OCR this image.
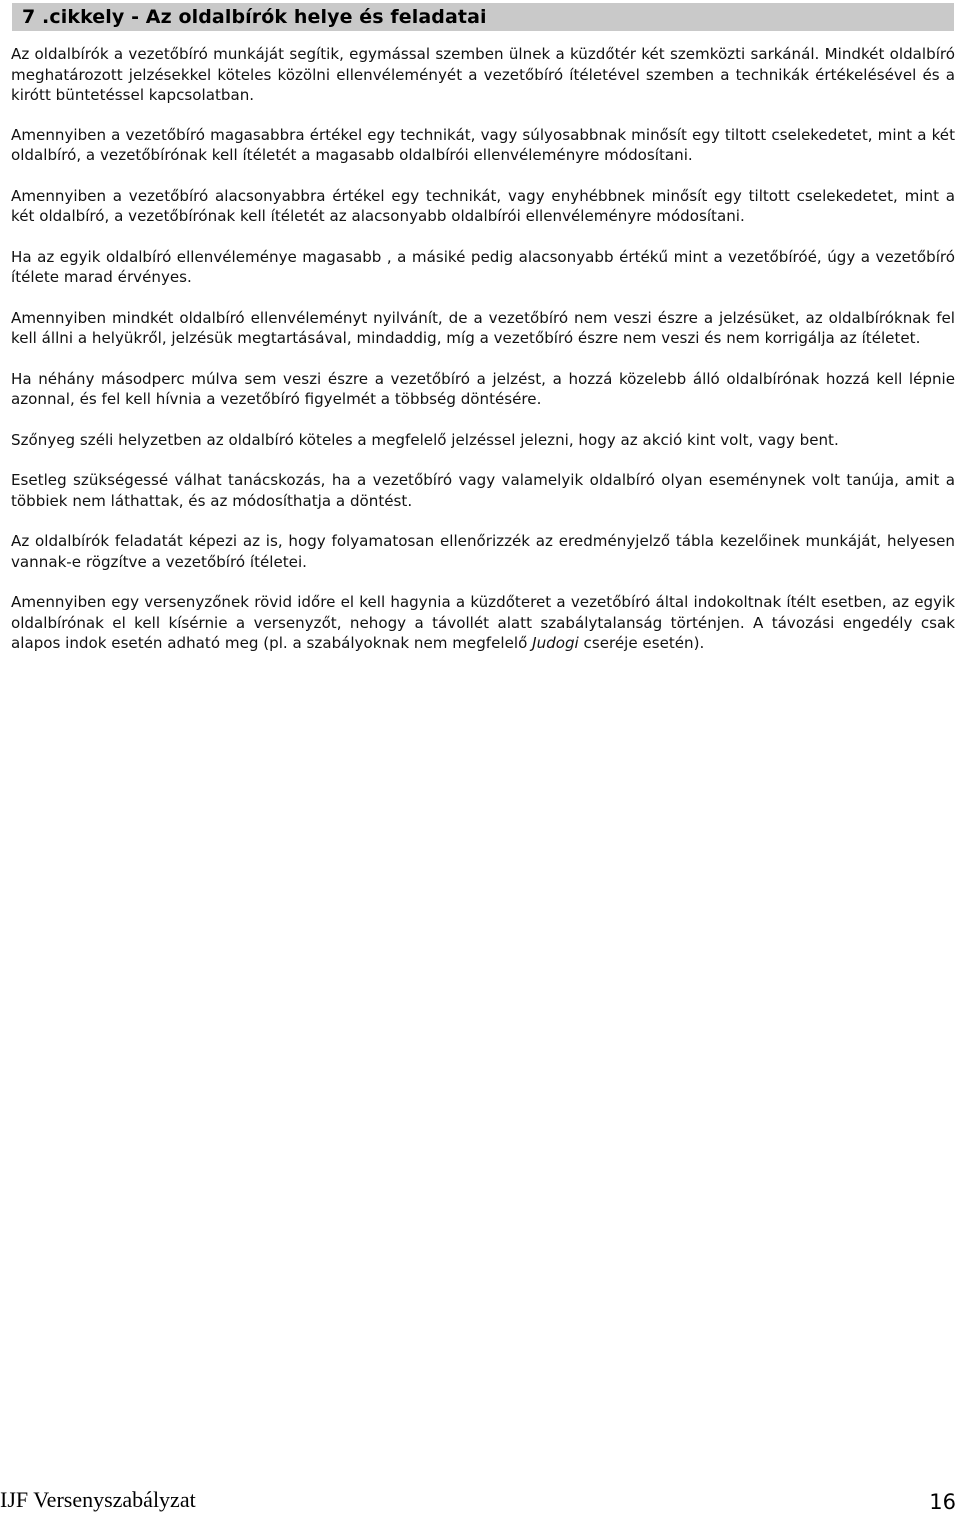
7 .cikkely - Az oldalbírók helye és feladatai

Az oldalbírók a vezetőbíró munkáját segítik, egymással szemben ülnek a küzdőtér két szemközti sarkánál. Mindkét oldalbíró meghatározott jelzésekkel köteles közölni ellenvéleményét a vezetőbíró ítéletével szemben a technikák értékelésével és a kirótt büntetéssel kapcsolatban.

Amennyiben a vezetőbíró magasabbra értékel egy technikát, vagy súlyosabbnak minősít egy tiltott cselekedetet, mint a két oldalbíró, a vezetőbírónak kell ítéletét a magasabb oldalbírói ellenvéleményre módosítani.

Amennyiben a vezetőbíró alacsonyabbra értékel egy technikát, vagy enyhébbnek minősít egy tiltott cselekedetet, mint a két oldalbíró, a vezetőbírónak kell ítéletét az alacsonyabb oldalbírói ellenvéleményre módosítani.

Ha az egyik oldalbíró ellenvéleménye magasabb , a másiké pedig alacsonyabb értékű mint a vezetőbíróé, úgy a vezetőbíró ítélete marad érvényes.

Amennyiben mindkét oldalbíró ellenvéleményt nyilvánít, de a vezetőbíró nem veszi észre a jelzésüket, az oldalbíróknak fel kell állni a helyükről, jelzésük megtartásával, mindaddig, míg a vezetőbíró észre nem veszi és nem korrigálja az ítéletet.

Ha néhány másodperc múlva sem veszi észre a vezetőbíró a jelzést, a hozzá közelebb álló oldalbírónak hozzá kell lépnie azonnal, és fel kell hívnia a vezetőbíró figyelmét a többség döntésére.

Szőnyeg széli helyzetben az oldalbíró köteles a megfelelő jelzéssel jelezni, hogy az akció kint volt, vagy bent.

Esetleg szükségessé válhat tanácskozás, ha a vezetőbíró vagy valamelyik oldalbíró olyan eseménynek volt tanúja, amit a többiek nem láthattak, és az módosíthatja a döntést.

Az oldalbírók feladatát képezi az is, hogy folyamatosan ellenőrizzék az eredményjelző tábla kezelőinek munkáját, helyesen vannak-e rögzítve a vezetőbíró ítéletei.

Amennyiben egy versenyzőnek rövid időre el kell hagynia a küzdőteret a vezetőbíró által indokoltnak ítélt esetben, az egyik oldalbírónak el kell kísérnie a versenyzőt, nehogy a távollét alatt szabálytalanság történjen. A távozási engedély csak alapos indok esetén adható meg (pl. a szabályoknak nem megfelelő Judogi cseréje esetén).

IJF Versenyszabályzat	16
